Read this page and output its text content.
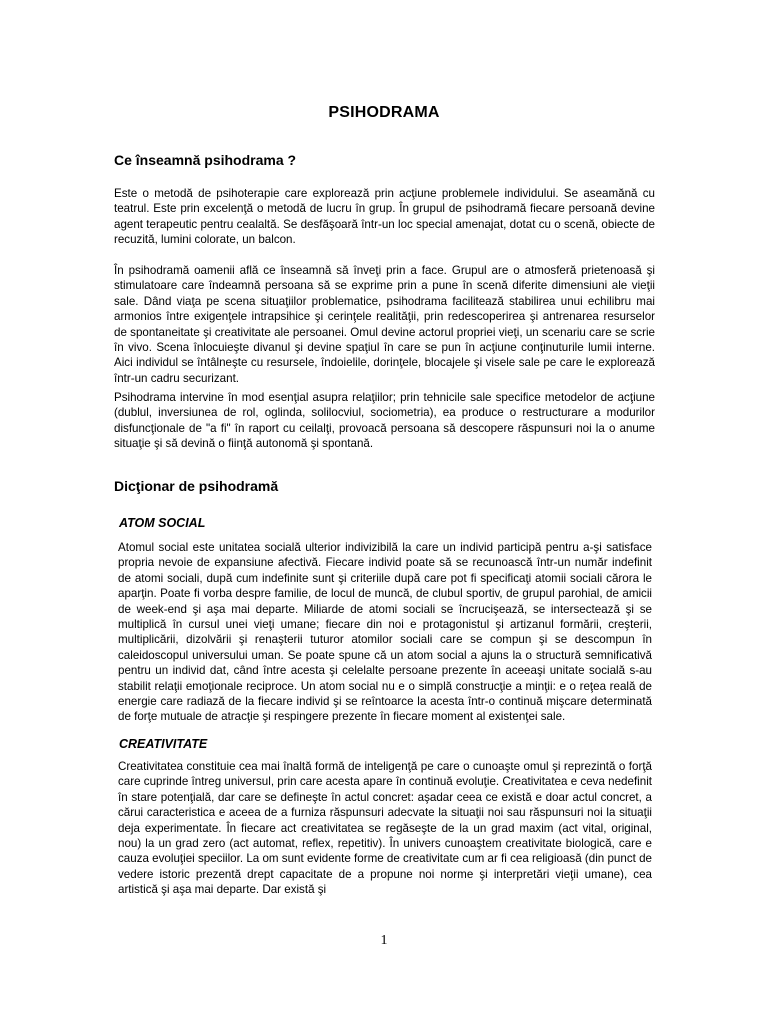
PSIHODRAMA
Ce înseamnă psihodrama ?

Este o metodă de psihoterapie care explorează prin acţiune problemele individului. Se aseamănă cu teatrul. Este prin excelenţă o metodă de lucru în grup. În grupul de psihodramă fiecare persoană devine agent terapeutic pentru cealaltă. Se desfăşoară într-un loc special amenajat, dotat cu o scenă, obiecte de recuzită, lumini colorate, un balcon.

În psihodramă oamenii află ce înseamnă să înveţi prin a face. Grupul are o atmosferă prietenoasă şi stimulatoare care îndeamnă persoana să se exprime prin a pune în scenă diferite dimensiuni ale vieţii sale. Dând viaţa pe scena situaţiilor problematice, psihodrama facilitează stabilirea unui echilibru mai armonios între exigenţele intrapsihice şi cerinţele realităţii, prin redescoperirea şi antrenarea resurselor de spontaneitate şi creativitate ale persoanei. Omul devine actorul propriei vieţi, un scenariu care se scrie în vivo. Scena înlocuieşte divanul şi devine spaţiul în care se pun în acţiune conţinuturile lumii interne. Aici individul se întâlneşte cu resursele, îndoielile, dorinţele, blocajele şi visele sale pe care le explorează într-un cadru securizant.

Psihodrama intervine în mod esenţial asupra relaţiilor; prin tehnicile sale specifice metodelor de acţiune (dublul, inversiunea de rol, oglinda, solilocviul, sociometria), ea produce o restructurare a modurilor disfuncţionale de "a fi" în raport cu ceilalţi, provoacă persoana să descopere răspunsuri noi la o anume situaţie şi să devină o fiinţă autonomă şi spontană.

Dicţionar de psihodramă
ATOM SOCIAL

Atomul social este unitatea socială ulterior indivizibilă la care un individ participă pentru a-şi satisface propria nevoie de expansiune afectivă. Fiecare individ poate să se recunoască într-un număr indefinit de atomi sociali, după cum indefinite sunt şi criteriile după care pot fi specificaţi atomii sociali cărora le aparţin. Poate fi vorba despre familie, de locul de muncă, de clubul sportiv, de grupul parohial, de amicii de week-end şi aşa mai departe. Miliarde de atomi sociali se încrucişează, se intersectează şi se multiplică în cursul unei vieţi umane; fiecare din noi e protagonistul şi artizanul formării, creşterii, multiplicării, dizolvării şi renaşterii tuturor atomilor sociali care se compun şi se descompun în caleidoscopul universului uman. Se poate spune că un atom social a ajuns la o structură semnificativă pentru un individ dat, când între acesta şi celelalte persoane prezente în aceeaşi unitate socială s-au stabilit relaţii emoţionale reciproce. Un atom social nu e o simplă construcţie a minţii: e o reţea reală de energie care radiază de la fiecare individ şi se reîntoarce la acesta într-o continuă mişcare determinată de forţe mutuale de atracţie şi respingere prezente în fiecare moment al existenţei sale.

CREATIVITATE

Creativitatea constituie cea mai înaltă formă de inteligenţă pe care o cunoaşte omul şi reprezintă o forţă care cuprinde întreg universul, prin care acesta apare în continuă evoluţie. Creativitatea e ceva nedefinit în stare potenţială, dar care se defineşte în actul concret: aşadar ceea ce există e doar actul concret, a cărui caracteristica e aceea de a furniza răspunsuri adecvate la situaţii noi sau răspunsuri noi la situaţii deja experimentate. În fiecare act creativitatea se regăseşte de la un grad maxim (act vital, original, nou) la un grad zero (act automat, reflex, repetitiv). În univers cunoaştem creativitate biologică, care e cauza evoluţiei speciilor. La om sunt evidente forme de creativitate cum ar fi cea religioasă (din punct de vedere istoric prezentă drept capacitate de a propune noi norme şi interpretări vieţii umane), cea artistică şi aşa mai departe. Dar există şi

1
